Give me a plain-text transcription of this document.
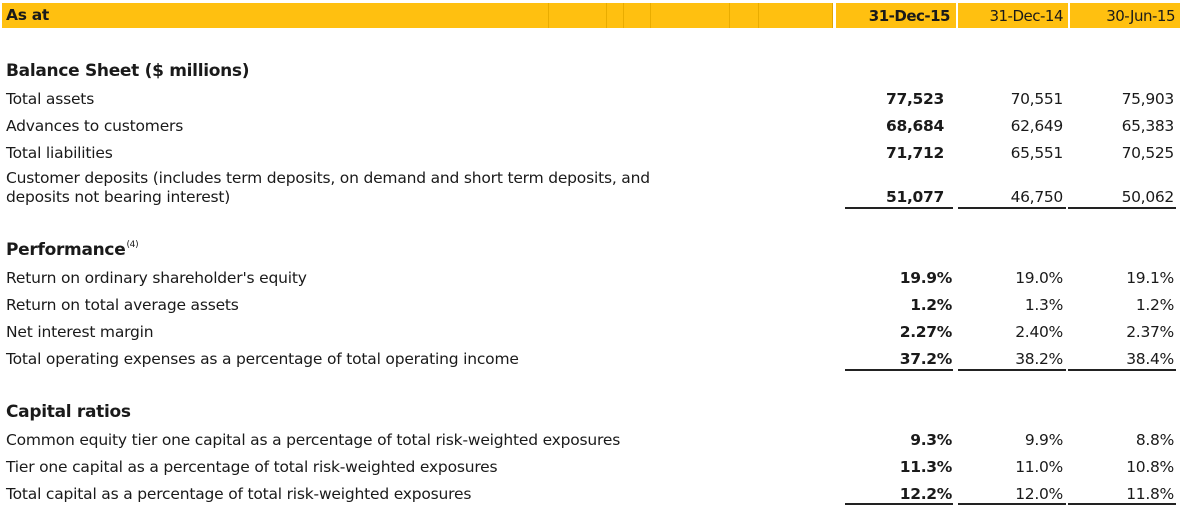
As at	31-Dec-15	31-Dec-14	30-Jun-15
Balance Sheet ($ millions)
Total assets	77,523	70,551	75,903
Advances to customers	68,684	62,649	65,383
Total liabilities	71,712	65,551	70,525
Customer deposits (includes term deposits, on demand and short term deposits, and
deposits not bearing interest)	51,077	46,750	50,062
Performance$^{(4)}$
Return on ordinary shareholder's equity	19.9%	19.0%	19.1%
Return on total average assets	1.2%	1.3%	1.2%
Net interest margin	2.27%	2.40%	2.37%
Total operating expenses as a percentage of total operating income	37.2%	38.2%	38.4%
Capital ratios
Common equity tier one capital as a percentage of total risk-weighted exposures	9.3%	9.9%	8.8%
Tier one capital as a percentage of total risk-weighted exposures	11.3%	11.0%	10.8%
Total capital as a percentage of total risk-weighted exposures	12.2%	12.0%	11.8%
